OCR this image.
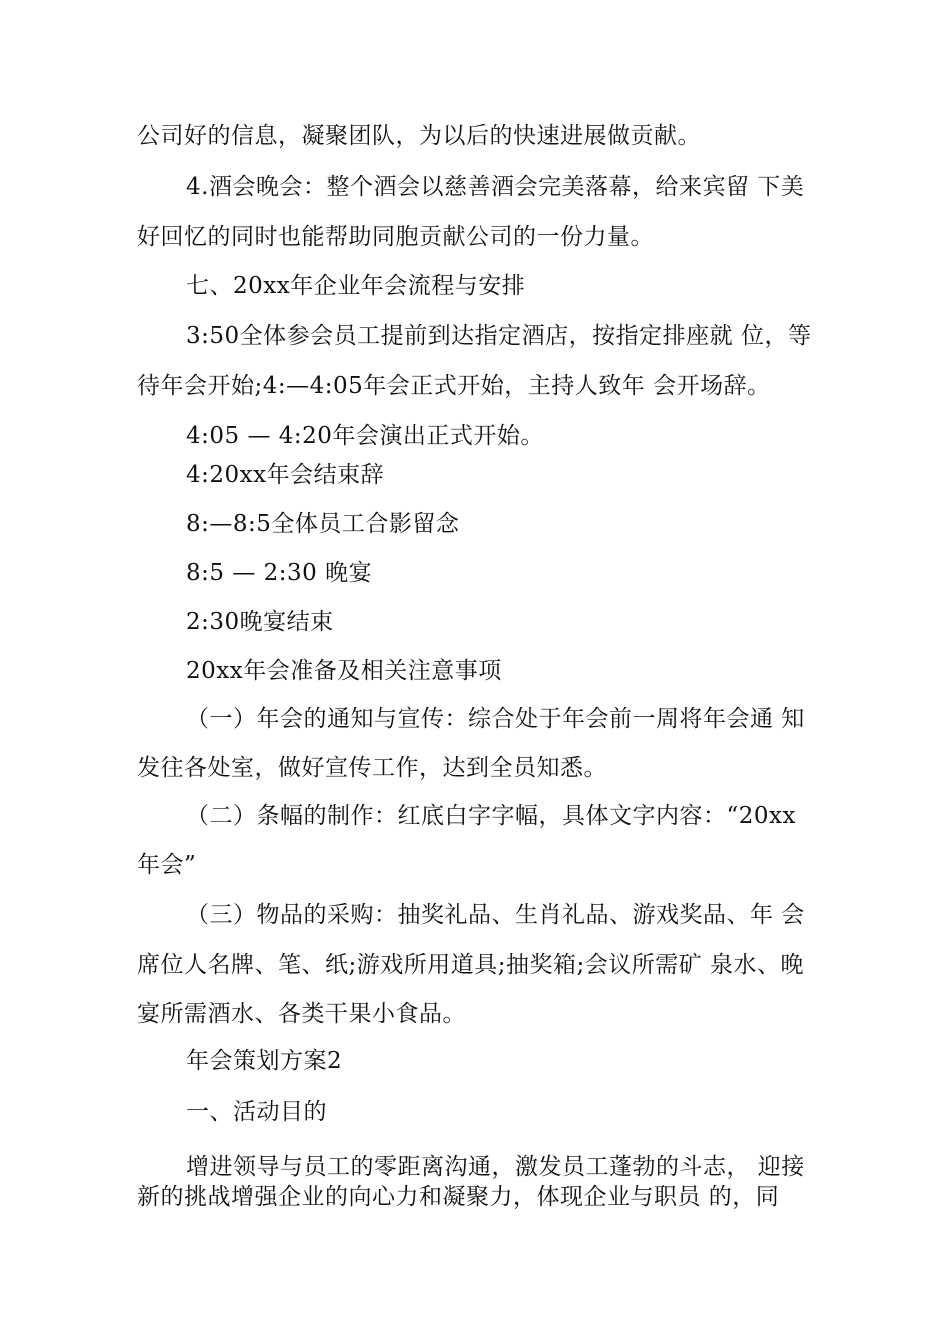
公司好的信息，凝聚团队，为以后的快速进展做贡献。
4.酒会晚会：整个酒会以慈善酒会完美落幕，给来宾留 下美
好回忆的同时也能帮助同胞贡献公司的一份力量。
七、20xx年企业年会流程与安排
3:50全体参会员工提前到达指定酒店，按指定排座就 位，等
待年会开始;4:—4:05年会正式开始，主持人致年 会开场辞。
4:05 — 4:20年会演出正式开始。
4:20xx年会结束辞
8:—8:5全体员工合影留念
8:5 — 2:30 晚宴
2:30晚宴结束
20xx年会准备及相关注意事项
（一）年会的通知与宣传：综合处于年会前一周将年会通 知
发往各处室，做好宣传工作，达到全员知悉。
（二）条幅的制作：红底白字字幅，具体文字内容：“20xx
年会”
（三）物品的采购：抽奖礼品、生肖礼品、游戏奖品、年 会
席位人名牌、笔、纸;游戏所用道具;抽奖箱;会议所需矿 泉水、晚
宴所需酒水、各类干果小食品。
年会策划方案2
一、活动目的
增进领导与员工的零距离沟通，激发员工蓬勃的斗志， 迎接
新的挑战增强企业的向心力和凝聚力，体现企业与职员 的，同
